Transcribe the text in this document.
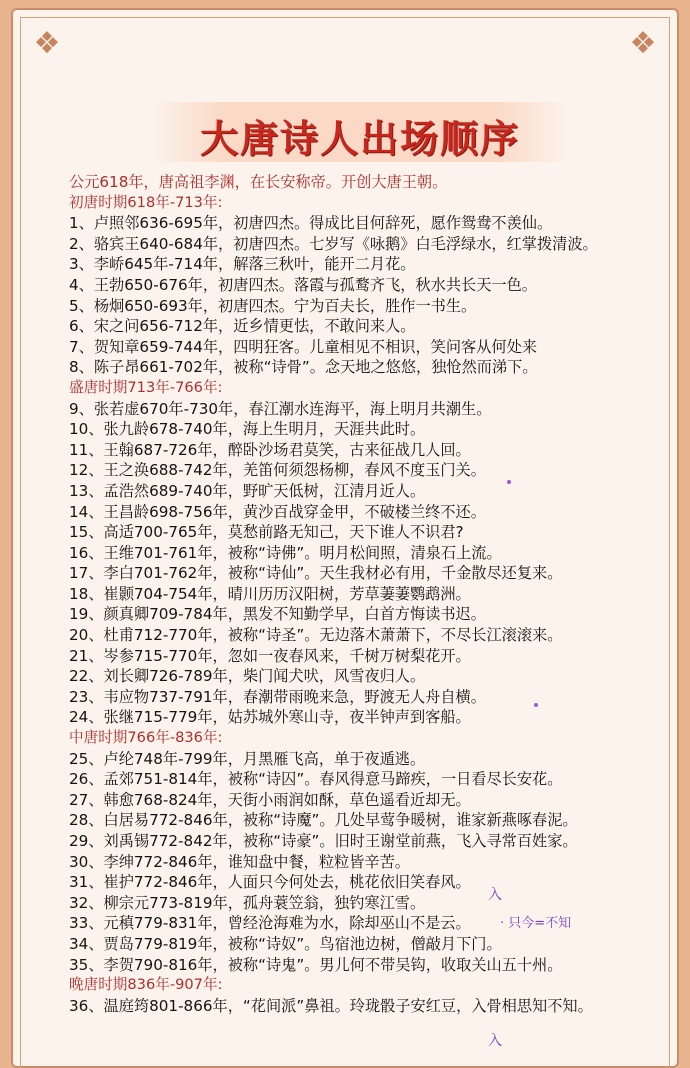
❖	❖
大唐诗人出场顺序
公元618年，唐高祖李渊，在长安称帝。开创大唐王朝。
初唐时期618年-713年:
1、卢照邻636-695年，初唐四杰。得成比目何辞死，愿作鸳鸯不羡仙。
2、骆宾王640-684年，初唐四杰。七岁写《咏鹅》白毛浮绿水，红掌拨清波。
3、李峤645年-714年，解落三秋叶，能开二月花。
4、王勃650-676年，初唐四杰。落霞与孤鹜齐飞，秋水共长天一色。
5、杨炯650-693年，初唐四杰。宁为百夫长，胜作一书生。
6、宋之问656-712年，近乡情更怯，不敢问来人。
7、贺知章659-744年，四明狂客。儿童相见不相识，笑问客从何处来
8、陈子昂661-702年，被称“诗骨”。念天地之悠悠，独怆然而涕下。
盛唐时期713年-766年:
9、张若虚670年-730年，春江潮水连海平，海上明月共潮生。
10、张九龄678-740年，海上生明月，天涯共此时。
11、王翰687-726年，醉卧沙场君莫笑，古来征战几人回。
12、王之涣688-742年，羌笛何须怨杨柳，春风不度玉门关。
13、孟浩然689-740年，野旷天低树，江清月近人。
14、王昌龄698-756年，黄沙百战穿金甲，不破楼兰终不还。
15、高适700-765年，莫愁前路无知己，天下谁人不识君?
16、王维701-761年，被称“诗佛”。明月松间照，清泉石上流。
17、李白701-762年，被称“诗仙”。天生我材必有用，千金散尽还复来。
18、崔颢704-754年，晴川历历汉阳树，芳草萋萋鹦鹉洲。
19、颜真卿709-784年，黑发不知勤学早，白首方悔读书迟。
20、杜甫712-770年，被称“诗圣”。无边落木萧萧下，不尽长江滚滚来。
21、岑参715-770年，忽如一夜春风来，千树万树梨花开。
22、刘长卿726-789年，柴门闻犬吠，风雪夜归人。
23、韦应物737-791年，春潮带雨晚来急，野渡无人舟自横。
24、张继715-779年，姑苏城外寒山寺，夜半钟声到客船。
中唐时期766年-836年:
25、卢纶748年-799年，月黑雁飞高，单于夜遁逃。
26、孟郊751-814年，被称“诗囚”。春风得意马蹄疾，一日看尽长安花。
27、韩愈768-824年，天街小雨润如酥，草色遥看近却无。
28、白居易772-846年，被称“诗魔”。几处早莺争暖树，谁家新燕啄春泥。
29、刘禹锡772-842年，被称“诗豪”。旧时王谢堂前燕，飞入寻常百姓家。
30、李绅772-846年，谁知盘中餐，粒粒皆辛苦。
31、崔护772-846年，人面只今何处去，桃花依旧笑春风。
32、柳宗元773-819年，孤舟蓑笠翁，独钓寒江雪。
33、元稹779-831年，曾经沧海难为水，除却巫山不是云。
34、贾岛779-819年，被称“诗奴”。鸟宿池边树，僧敲月下门。
35、李贺790-816年，被称“诗鬼”。男儿何不带吴钩，收取关山五十州。
晚唐时期836年-907年:
36、温庭筠801-866年，“花间派”鼻祖。玲珑骰子安红豆，入骨相思知不知。
入
· 只今=不知
入
